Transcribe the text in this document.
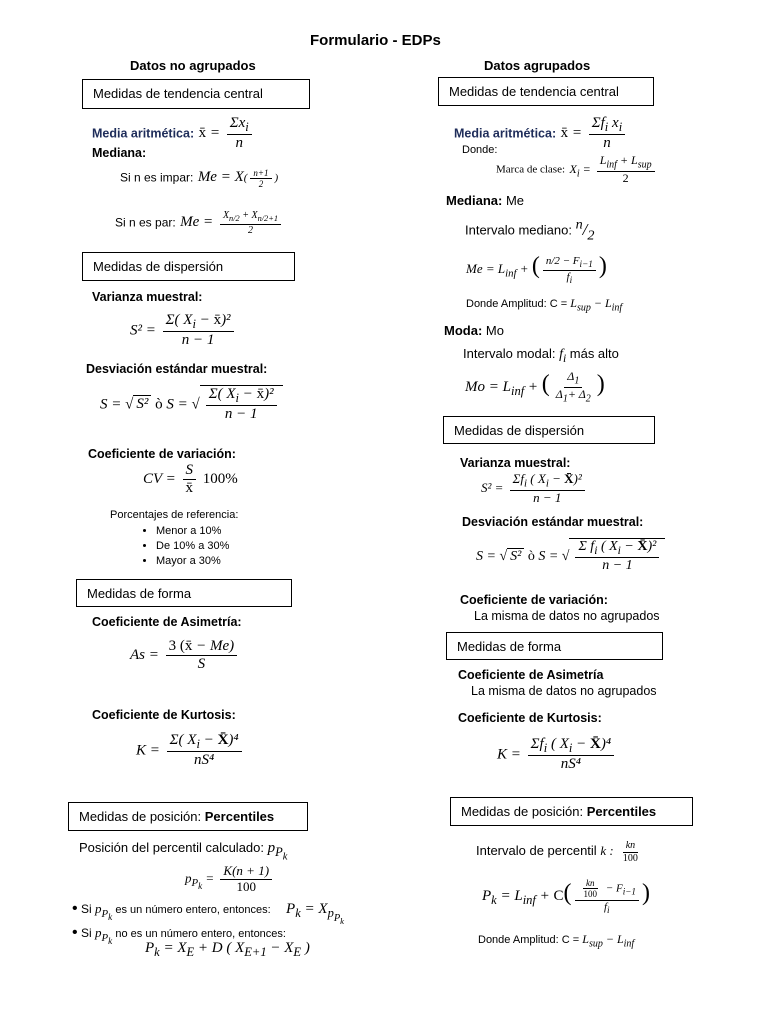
Formulario - EDPs
Datos no agrupados
Medidas de tendencia central
Media aritmética: x̄ = $\frac{\Sigma x_i}{n}$
Mediana:
Si n es impar: $Me = X( \frac{n+1}{2}$ )
Si n es par: $Me = \frac{X_{n/2} + X_{n/2+1}}{2}$
Medidas de dispersión
Varianza muestral:
$S^2 = \frac{\Sigma( X_i - x̄)^2}{n - 1}$
Desviación estándar muestral:
S = √ S² ò S = √ $\frac{\Sigma( X_i - x̄)^2}{n - 1}$
Coeficiente de variación:
CV = $\frac{S}{x̄} 100\%$
Porcentajes de referencia:
• Menor a 10%
• De 10% a 30%
• Mayor a 30%
Medidas de forma
Coeficiente de Asimetría:
$As = \frac{3 (x̄ - Me)}{S}$
Coeficiente de Kurtosis:
$K = \frac{\Sigma( X_i - X̄)^4}{\text{nS⁴}}$
Medidas de posición: Percentiles
Posición del percentil calculado: $p_{P_k}$
$p_{P_k} = \frac{K(n + 1)}{100}$
• Si $p_{P_k}$ es un número entero, entonces: $P_k = X_{p_{P_k}}$
• Si $p_{P_k}$ no es un número entero, entonces:
$P_k = X_E + D$ ( $X_{E+1} - X_E$ )
Datos agrupados
Medidas de tendencia central
Media aritmética: x̄ = $\frac{\Sigma f_i x_i}{n}$
Donde:
Marca de clase: $X_i = \frac{L_{inf} + L_{sup}}{2}$
Mediana: Me
Intervalo mediano: $^n/_2$
$Me = L_{inf}$ + ( $\frac{n/2 - F_{i-1}}{f_i}$ )
Donde Amplitud: $C = L_{sup} - L_{inf}$
Moda: Mo
Intervalo modal: $f_i$ más alto
$Mo = L_{inf}$ + ( $\frac{\Delta_1}{\Delta_1+ \Delta_2}$ )
Medidas de dispersión
Varianza muestral:
$S^2 = \frac{\Sigma f_i ( X_i - X̄)^2}{n - 1}$
Desviación estándar muestral:
S = √ S² ò S = √ $\frac{\Sigma f_i ( X_i - X̄)^2}{n - 1}$
Coeficiente de variación:
La misma de datos no agrupados
Medidas de forma
Coeficiente de Asimetría
La misma de datos no agrupados
Coeficiente de Kurtosis:
$K = \frac{\Sigma f_i ( X_i - X̄)^4}{\text{nS⁴}}$
Medidas de posición: Percentiles
Intervalo de percentil k : $\frac{kn}{100}$
$P_k = L_{inf} + C( \frac{\frac{kn}{100} - F_{i-1}}{f_i}$ )
Donde Amplitud: $C = L_{sup} - L_{inf}$
